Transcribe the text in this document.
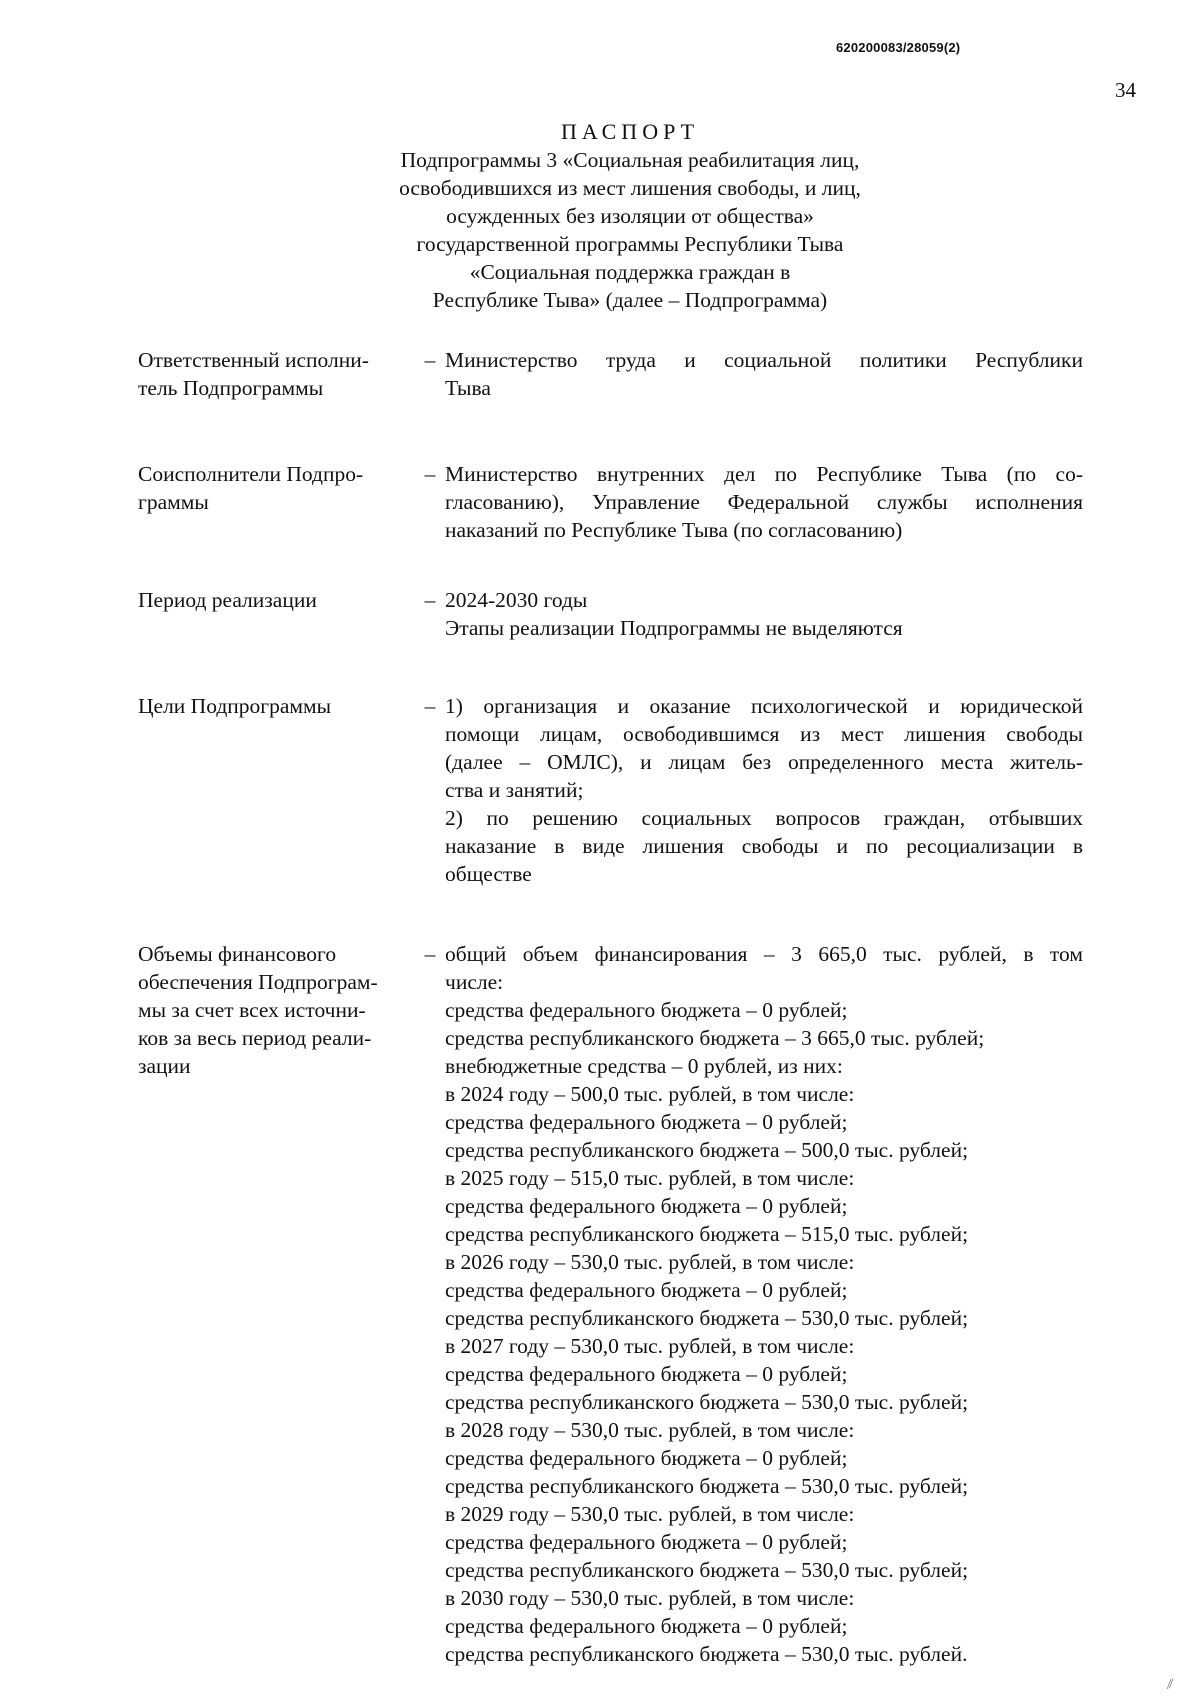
620200083/28059(2)
34
ПАСПОРТ
Подпрограммы 3 «Социальная реабилитация лиц,
освободившихся из мест лишения свободы, и лиц,
осужденных без изоляции от общества»
государственной программы Республики Тыва
«Социальная поддержка граждан в
Республике Тыва» (далее – Подпрограмма)
Ответственный исполни-
тель Подпрограммы
– Министерство труда и социальной политики Республики
Тыва
Соисполнители Подпро-
граммы
– Министерство внутренних дел по Республике Тыва (по со-
гласованию), Управление Федеральной службы исполнения
наказаний по Республике Тыва (по согласованию)
Период реализации	– 2024-2030 годы
Этапы реализации Подпрограммы не выделяются
Цели Подпрограммы	– 1) организация и оказание психологической и юридической
помощи лицам, освободившимся из мест лишения свободы
(далее – ОМЛС), и лицам без определенного места житель-
ства и занятий;
2) по решению социальных вопросов граждан, отбывших
наказание в виде лишения свободы и по ресоциализации в
обществе
Объемы финансового
обеспечения Подпрограм-
мы за счет всех источни-
ков за весь период реали-
зации
– общий объем финансирования – 3 665,0 тыс. рублей, в том
числе:
средства федерального бюджета – 0 рублей;
средства республиканского бюджета – 3 665,0 тыс. рублей;
внебюджетные средства – 0 рублей, из них:
в 2024 году – 500,0 тыс. рублей, в том числе:
средства федерального бюджета – 0 рублей;
средства республиканского бюджета – 500,0 тыс. рублей;
в 2025 году – 515,0 тыс. рублей, в том числе:
средства федерального бюджета – 0 рублей;
средства республиканского бюджета – 515,0 тыс. рублей;
в 2026 году – 530,0 тыс. рублей, в том числе:
средства федерального бюджета – 0 рублей;
средства республиканского бюджета – 530,0 тыс. рублей;
в 2027 году – 530,0 тыс. рублей, в том числе:
средства федерального бюджета – 0 рублей;
средства республиканского бюджета – 530,0 тыс. рублей;
в 2028 году – 530,0 тыс. рублей, в том числе:
средства федерального бюджета – 0 рублей;
средства республиканского бюджета – 530,0 тыс. рублей;
в 2029 году – 530,0 тыс. рублей, в том числе:
средства федерального бюджета – 0 рублей;
средства республиканского бюджета – 530,0 тыс. рублей;
в 2030 году – 530,0 тыс. рублей, в том числе:
средства федерального бюджета – 0 рублей;
средства республиканского бюджета – 530,0 тыс. рублей.
∕∕
